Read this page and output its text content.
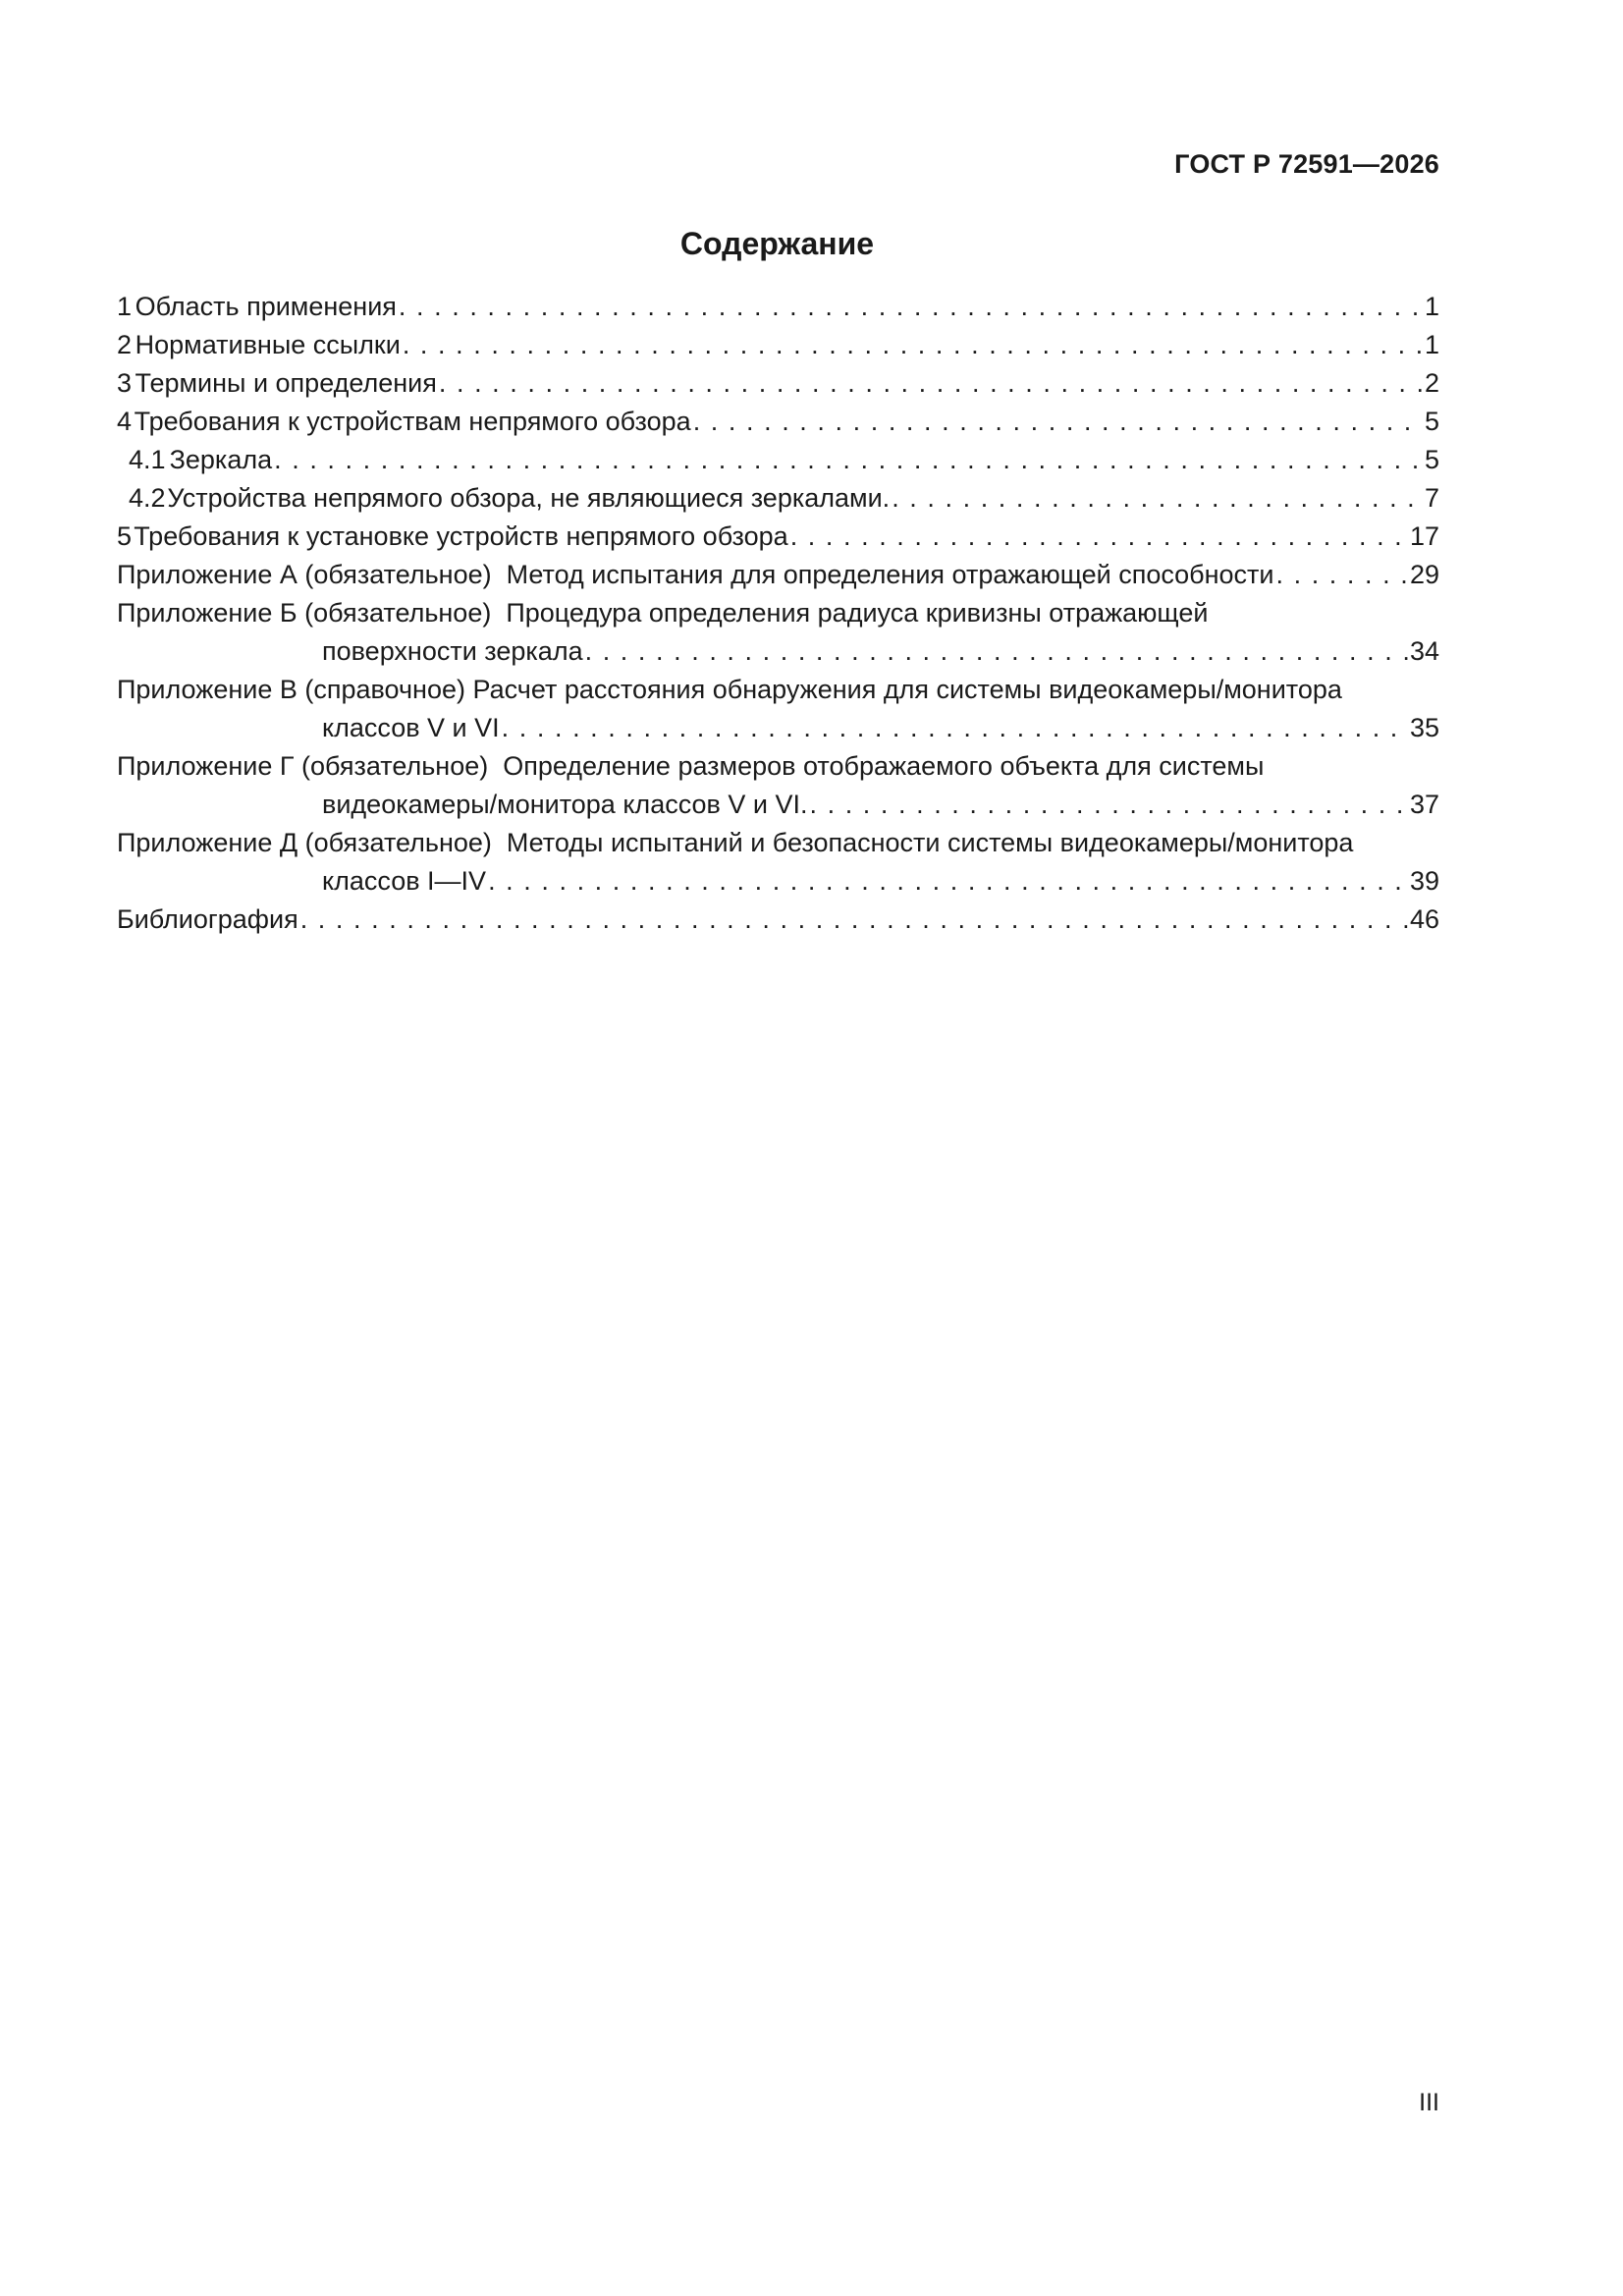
ГОСТ Р 72591—2026
Содержание
1 Область применения . . .	1
2 Нормативные ссылки . . .	1
3 Термины и определения . . .	2
4 Требования к устройствам непрямого обзора . . .	5
4.1 Зеркала . . .	5
4.2 Устройства непрямого обзора, не являющиеся зеркалами. . . .	7
5 Требования к установке устройств непрямого обзора . . .	17
Приложение А (обязательное)  Метод испытания для определения отражающей способности . . .	29
Приложение Б (обязательное)  Процедура определения радиуса кривизны отражающей
поверхности зеркала . . .	34
Приложение В (справочное) Расчет расстояния обнаружения для системы видеокамеры/монитора
классов V и VI . . .	35
Приложение Г (обязательное)  Определение размеров отображаемого объекта для системы
видеокамеры/монитора классов V и VI. . . .	37
Приложение Д (обязательное)  Методы испытаний и безопасности системы видеокамеры/монитора
классов I—IV . . .	39
Библиография . . .	46
III
